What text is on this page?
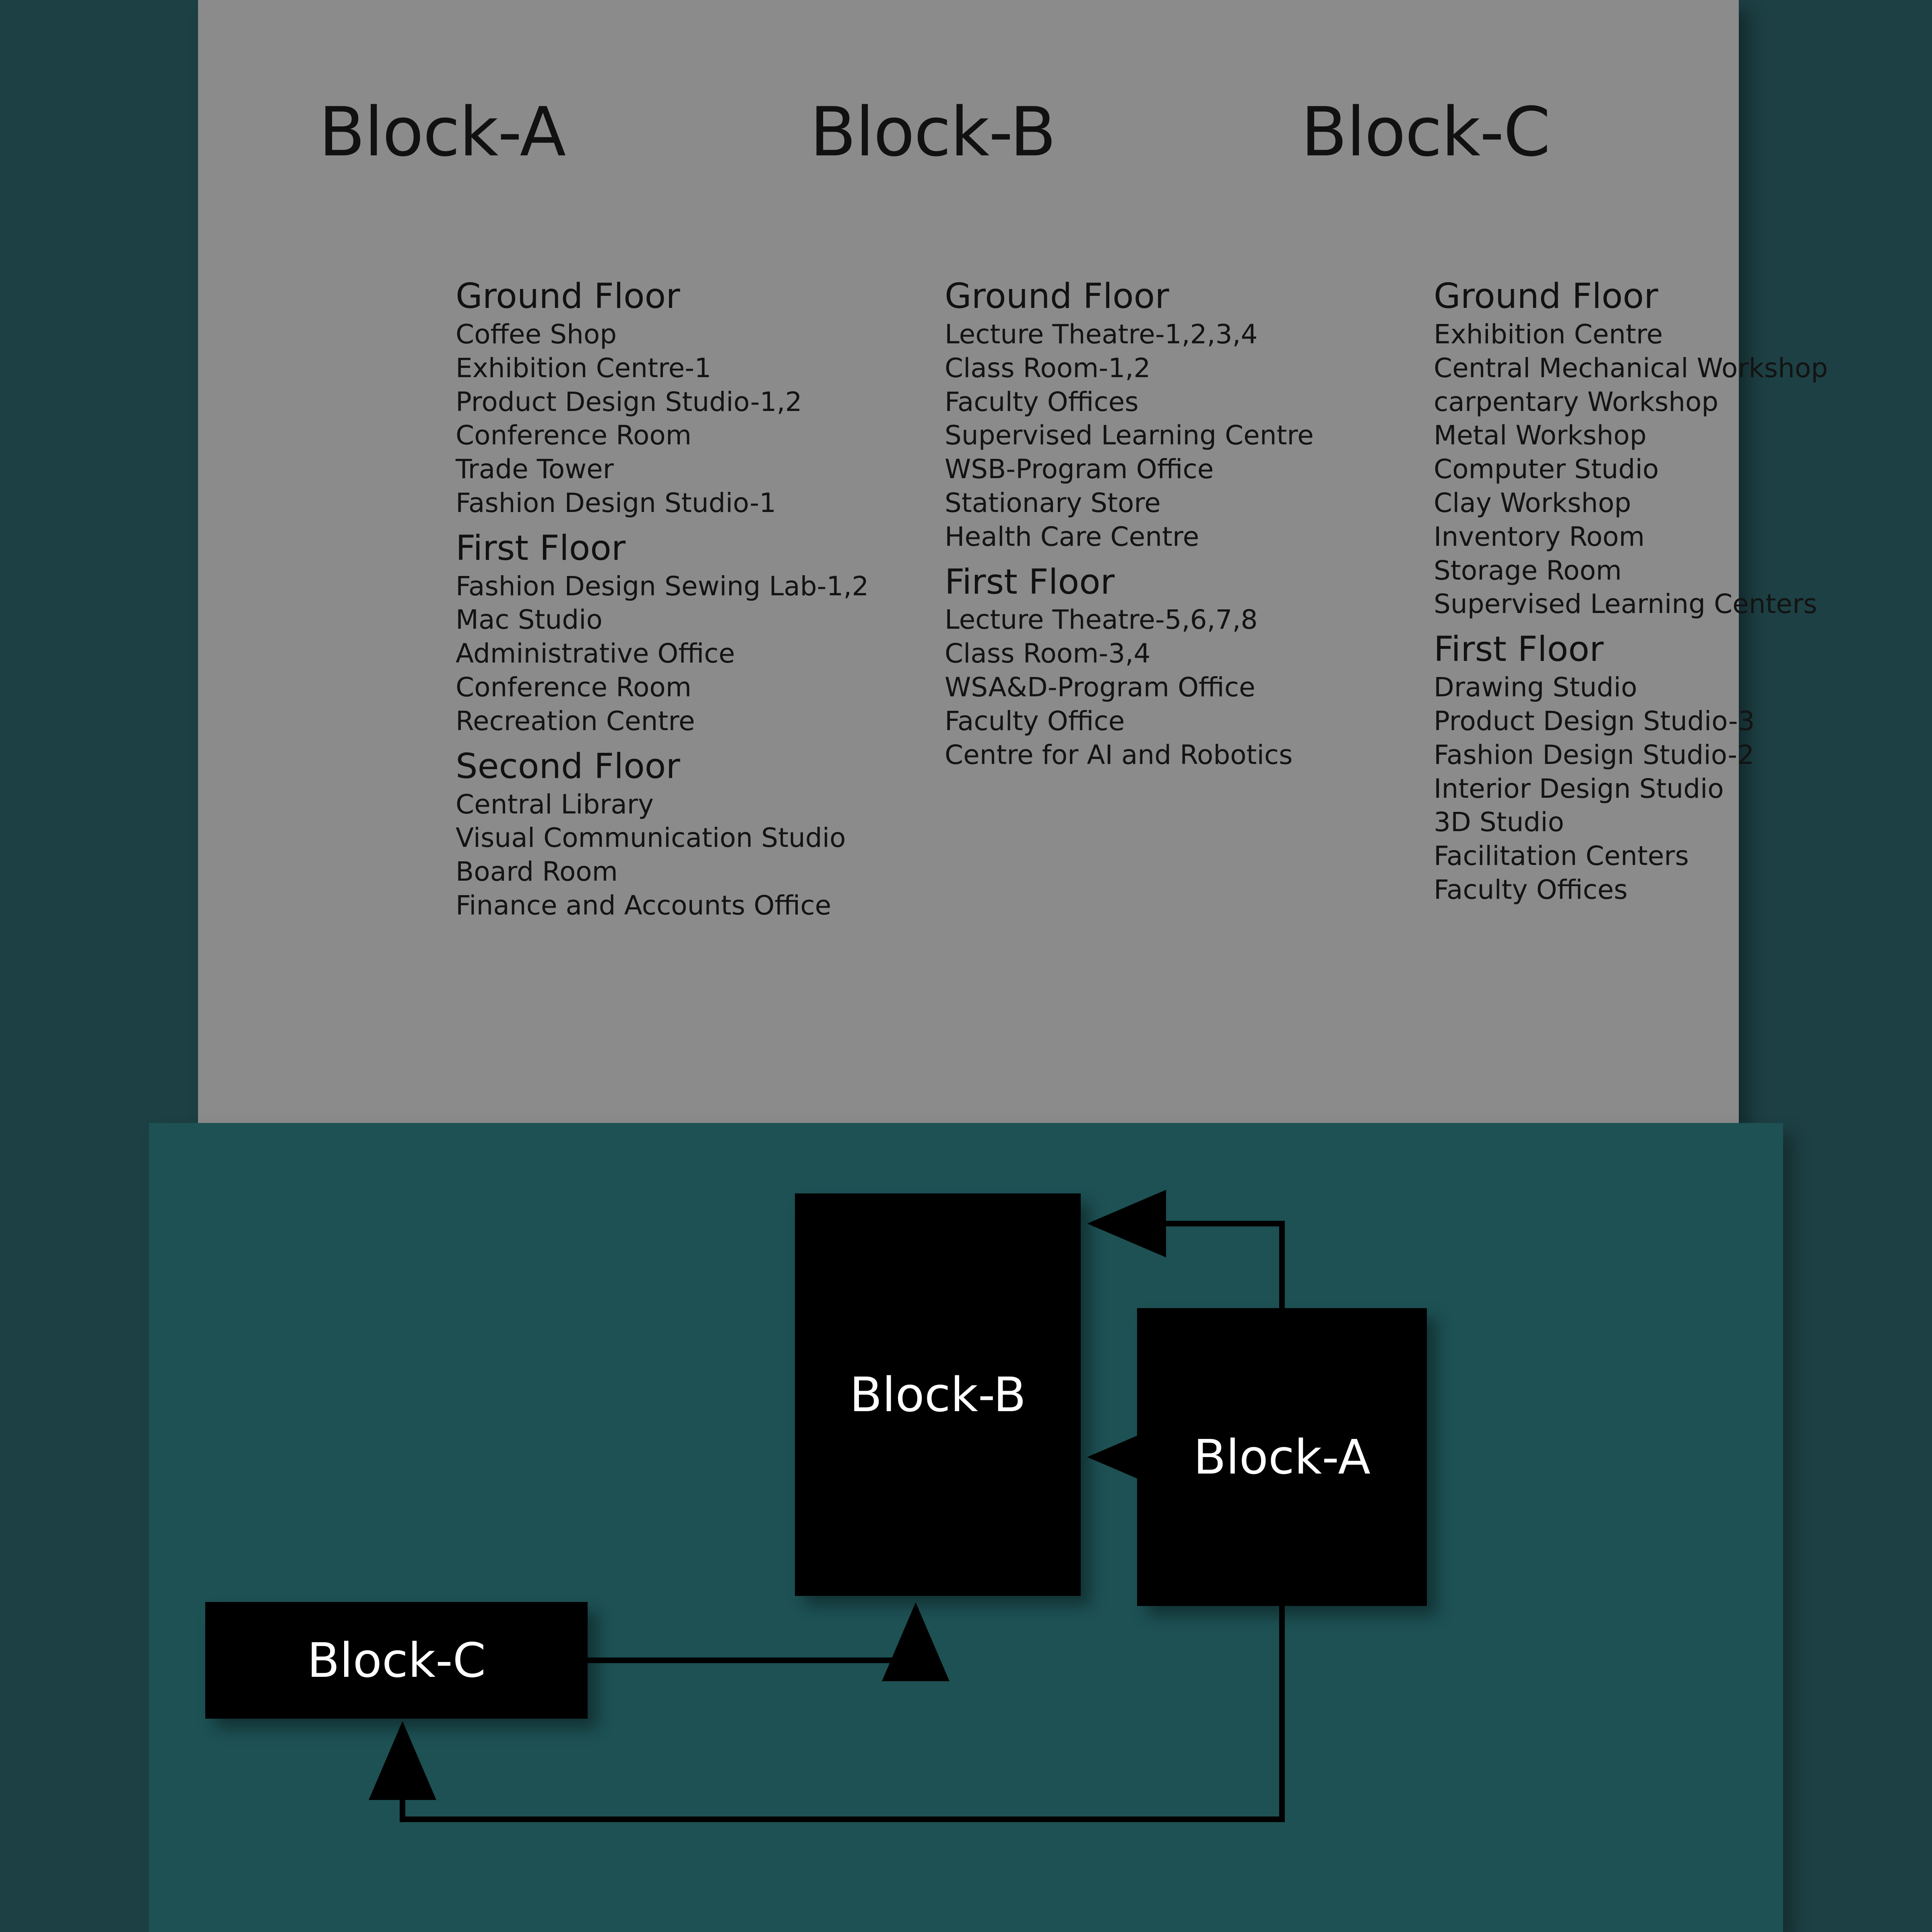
Block-A	Block-B	Block-C
Ground Floor
Coffee Shop
Exhibition Centre-1
Product Design Studio-1,2
Conference Room
Trade Tower
Fashion Design Studio-1
First Floor
Fashion Design Sewing Lab-1,2
Mac Studio
Administrative Office
Conference Room
Recreation Centre
Second Floor
Central Library
Visual Communication Studio
Board Room
Finance and Accounts Office
Ground Floor
Lecture Theatre-1,2,3,4
Class Room-1,2
Faculty Offices
Supervised Learning Centre
WSB-Program Office
Stationary Store
Health Care Centre
First Floor
Lecture Theatre-5,6,7,8
Class Room-3,4
WSA&D-Program Office
Faculty Office
Centre for AI and Robotics
Ground Floor
Exhibition Centre
Central Mechanical Workshop
carpentary Workshop
Metal Workshop
Computer Studio
Clay Workshop
Inventory Room
Storage Room
Supervised Learning Centers
First Floor
Drawing Studio
Product Design Studio-3
Fashion Design Studio-2
Interior Design Studio
3D Studio
Facilitation Centers
Faculty Offices
Block-B
Block-A
Block-C
